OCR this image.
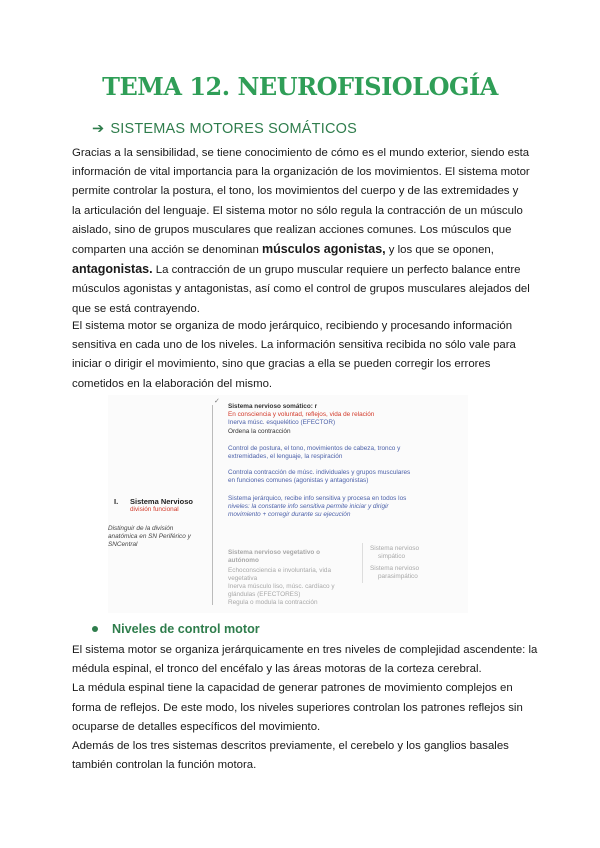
TEMA 12. NEUROFISIOLOGÍA
➔ SISTEMAS MOTORES SOMÁTICOS

Gracias a la sensibilidad, se tiene conocimiento de cómo es el mundo exterior, siendo esta
información de vital importancia para la organización de los movimientos. El sistema motor
permite controlar la postura, el tono, los movimientos del cuerpo y de las extremidades y
la articulación del lenguaje. El sistema motor no sólo regula la contracción de un músculo
aislado, sino de grupos musculares que realizan acciones comunes. Los músculos que
comparten una acción se denominan músculos agonistas, y los que se oponen,
antagonistas. La contracción de un grupo muscular requiere un perfecto balance entre
músculos agonistas y antagonistas, así como el control de grupos musculares alejados del
que se está contrayendo.

El sistema motor se organiza de modo jerárquico, recibiendo y procesando información
sensitiva en cada uno de los niveles. La información sensitiva recibida no sólo vale para
iniciar o dirigir el movimiento, sino que gracias a ella se pueden corregir los errores
cometidos en la elaboración del mismo.

✓
Sistema nervioso somático: r
En consciencia y voluntad, reflejos, vida de relación
Inerva músc. esquelético (EFECTOR)
Ordena la contracción
Control de postura, el tono, movimientos de cabeza, tronco y
extremidades, el lenguaje, la respiración
Controla contracción de músc. individuales y grupos musculares
en funciones comunes (agonistas y antagonistas)
Sistema jerárquico, recibe info sensitiva y procesa en todos los
niveles: la constante info sensitiva permite iniciar y dirigir
movimiento + corregir durante su ejecución
I. Sistema Nervioso
división funcional
Distinguir de la división
anatómica en SN Periférico y
SNCentral
Sistema nervioso vegetativo o
autónomo
Echoconsciencia e involuntaria, vida
vegetativa
Inerva músculo liso, músc. cardíaco y
glándulas (EFECTORES)
Regula o modula la contracción
Sistema nervioso
simpático
Sistema nervioso
parasimpático
Niveles de control motor

El sistema motor se organiza jerárquicamente en tres niveles de complejidad ascendente: la
médula espinal, el tronco del encéfalo y las áreas motoras de la corteza cerebral.
La médula espinal tiene la capacidad de generar patrones de movimiento complejos en
forma de reflejos. De este modo, los niveles superiores controlan los patrones reflejos sin
ocuparse de detalles específicos del movimiento.
Además de los tres sistemas descritos previamente, el cerebelo y los ganglios basales
también controlan la función motora.
